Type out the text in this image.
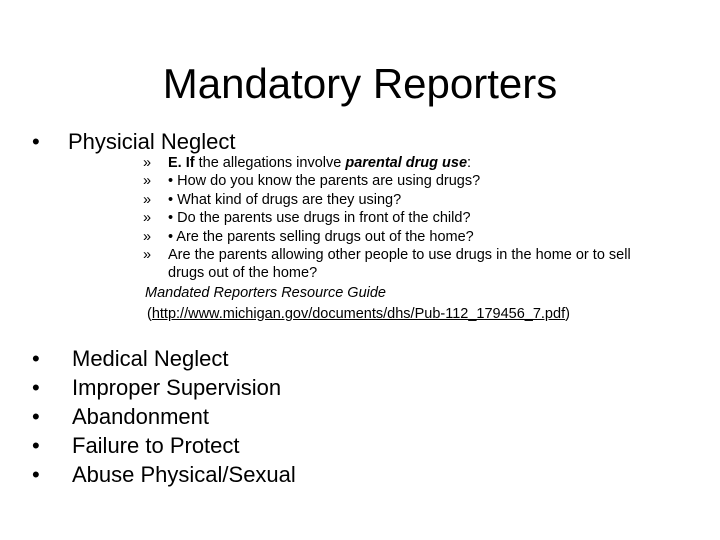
Mandatory Reporters
• Physicial Neglect
»	E. If the allegations involve parental drug use:
»	• How do you know the parents are using drugs?
»	• What kind of drugs are they using?
»	• Do the parents use drugs in front of the child?
»	• Are the parents selling drugs out of the home?
»	Are the parents allowing other people to use drugs in the home or to sell drugs out of the home?
Mandated Reporters Resource Guide
(http://www.michigan.gov/documents/dhs/Pub-112_179456_7.pdf)
•	Medical Neglect
•	Improper Supervision
•	Abandonment
•	Failure to Protect
•	Abuse Physical/Sexual
